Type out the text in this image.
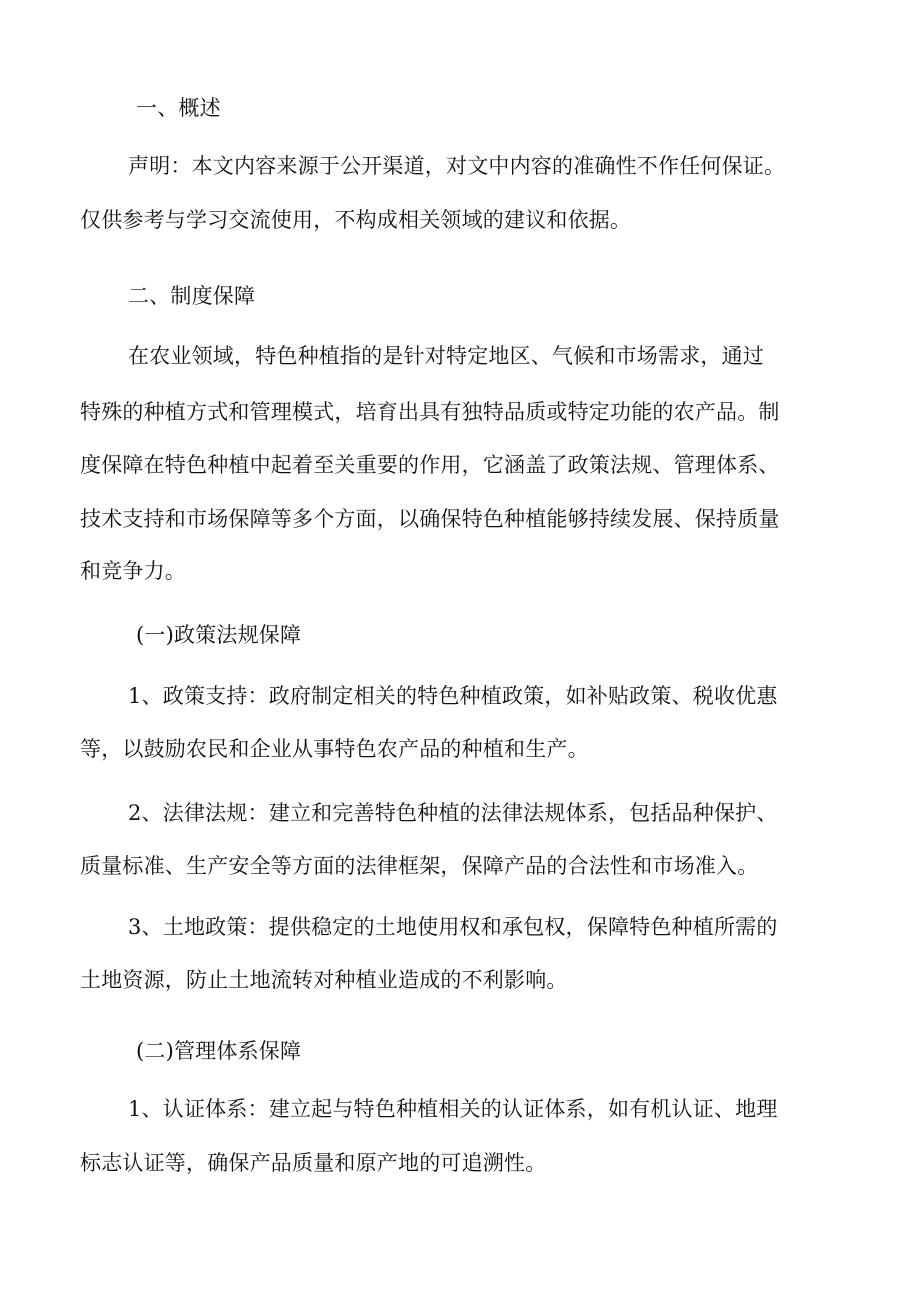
一、概述
声明：本文内容来源于公开渠道，对文中内容的准确性不作任何保证。
仅供参考与学习交流使用，不构成相关领域的建议和依据。
二、制度保障
在农业领域，特色种植指的是针对特定地区、气候和市场需求，通过
特殊的种植方式和管理模式，培育出具有独特品质或特定功能的农产品。制
度保障在特色种植中起着至关重要的作用，它涵盖了政策法规、管理体系、
技术支持和市场保障等多个方面，以确保特色种植能够持续发展、保持质量
和竞争力。
(一)政策法规保障
1、政策支持：政府制定相关的特色种植政策，如补贴政策、税收优惠
等，以鼓励农民和企业从事特色农产品的种植和生产。
2、法律法规：建立和完善特色种植的法律法规体系，包括品种保护、
质量标准、生产安全等方面的法律框架，保障产品的合法性和市场准入。
3、土地政策：提供稳定的土地使用权和承包权，保障特色种植所需的
土地资源，防止土地流转对种植业造成的不利影响。
(二)管理体系保障
1、认证体系：建立起与特色种植相关的认证体系，如有机认证、地理
标志认证等，确保产品质量和原产地的可追溯性。
